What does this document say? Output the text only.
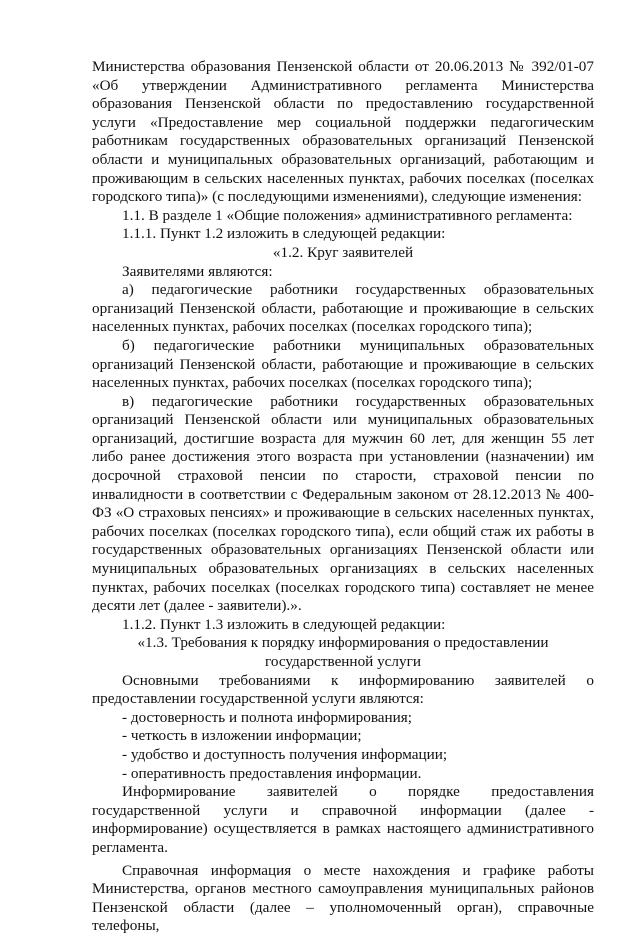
Министерства образования Пензенской области от 20.06.2013 № 392/01-07 «Об утверждении Административного регламента Министерства образования Пензенской области по предоставлению государственной услуги «Предоставление мер социальной поддержки педагогическим работникам государственных образовательных организаций Пензенской области и муниципальных образовательных организаций, работающим и проживающим в сельских населенных пунктах, рабочих поселках (поселках городского типа)» (с последующими изменениями), следующие изменения:

1.1. В разделе 1 «Общие положения» административного регламента:

1.1.1. Пункт 1.2 изложить в следующей редакции:

«1.2. Круг заявителей

Заявителями являются:

а) педагогические работники государственных образовательных организаций Пензенской области, работающие и проживающие в сельских населенных пунктах, рабочих поселках (поселках городского типа);

б) педагогические работники муниципальных образовательных организаций Пензенской области, работающие и проживающие в сельских населенных пунктах, рабочих поселках (поселках городского типа);

в) педагогические работники государственных образовательных организаций Пензенской области или муниципальных образовательных организаций, достигшие возраста для мужчин 60 лет, для женщин 55 лет либо ранее достижения этого возраста при установлении (назначении) им досрочной страховой пенсии по старости, страховой пенсии по инвалидности в соответствии с Федеральным законом от 28.12.2013 № 400-ФЗ «О страховых пенсиях» и проживающие в сельских населенных пунктах, рабочих поселках (поселках городского типа), если общий стаж их работы в государственных образовательных организациях Пензенской области или муниципальных образовательных организациях в сельских населенных пунктах, рабочих поселках (поселках городского типа) составляет не менее десяти лет (далее - заявители).».

1.1.2. Пункт 1.3 изложить в следующей редакции:

«1.3. Требования к порядку информирования о предоставлении государственной услуги

Основными требованиями к информированию заявителей о предоставлении государственной услуги являются:

- достоверность и полнота информирования;

- четкость в изложении информации;

- удобство и доступность получения информации;

- оперативность предоставления информации.

Информирование заявителей о порядке предоставления государственной услуги и справочной информации (далее - информирование) осуществляется в рамках настоящего административного регламента.

Справочная информация о месте нахождения и графике работы Министерства, органов местного самоуправления муниципальных районов Пензенской области (далее – уполномоченный орган), справочные телефоны,
